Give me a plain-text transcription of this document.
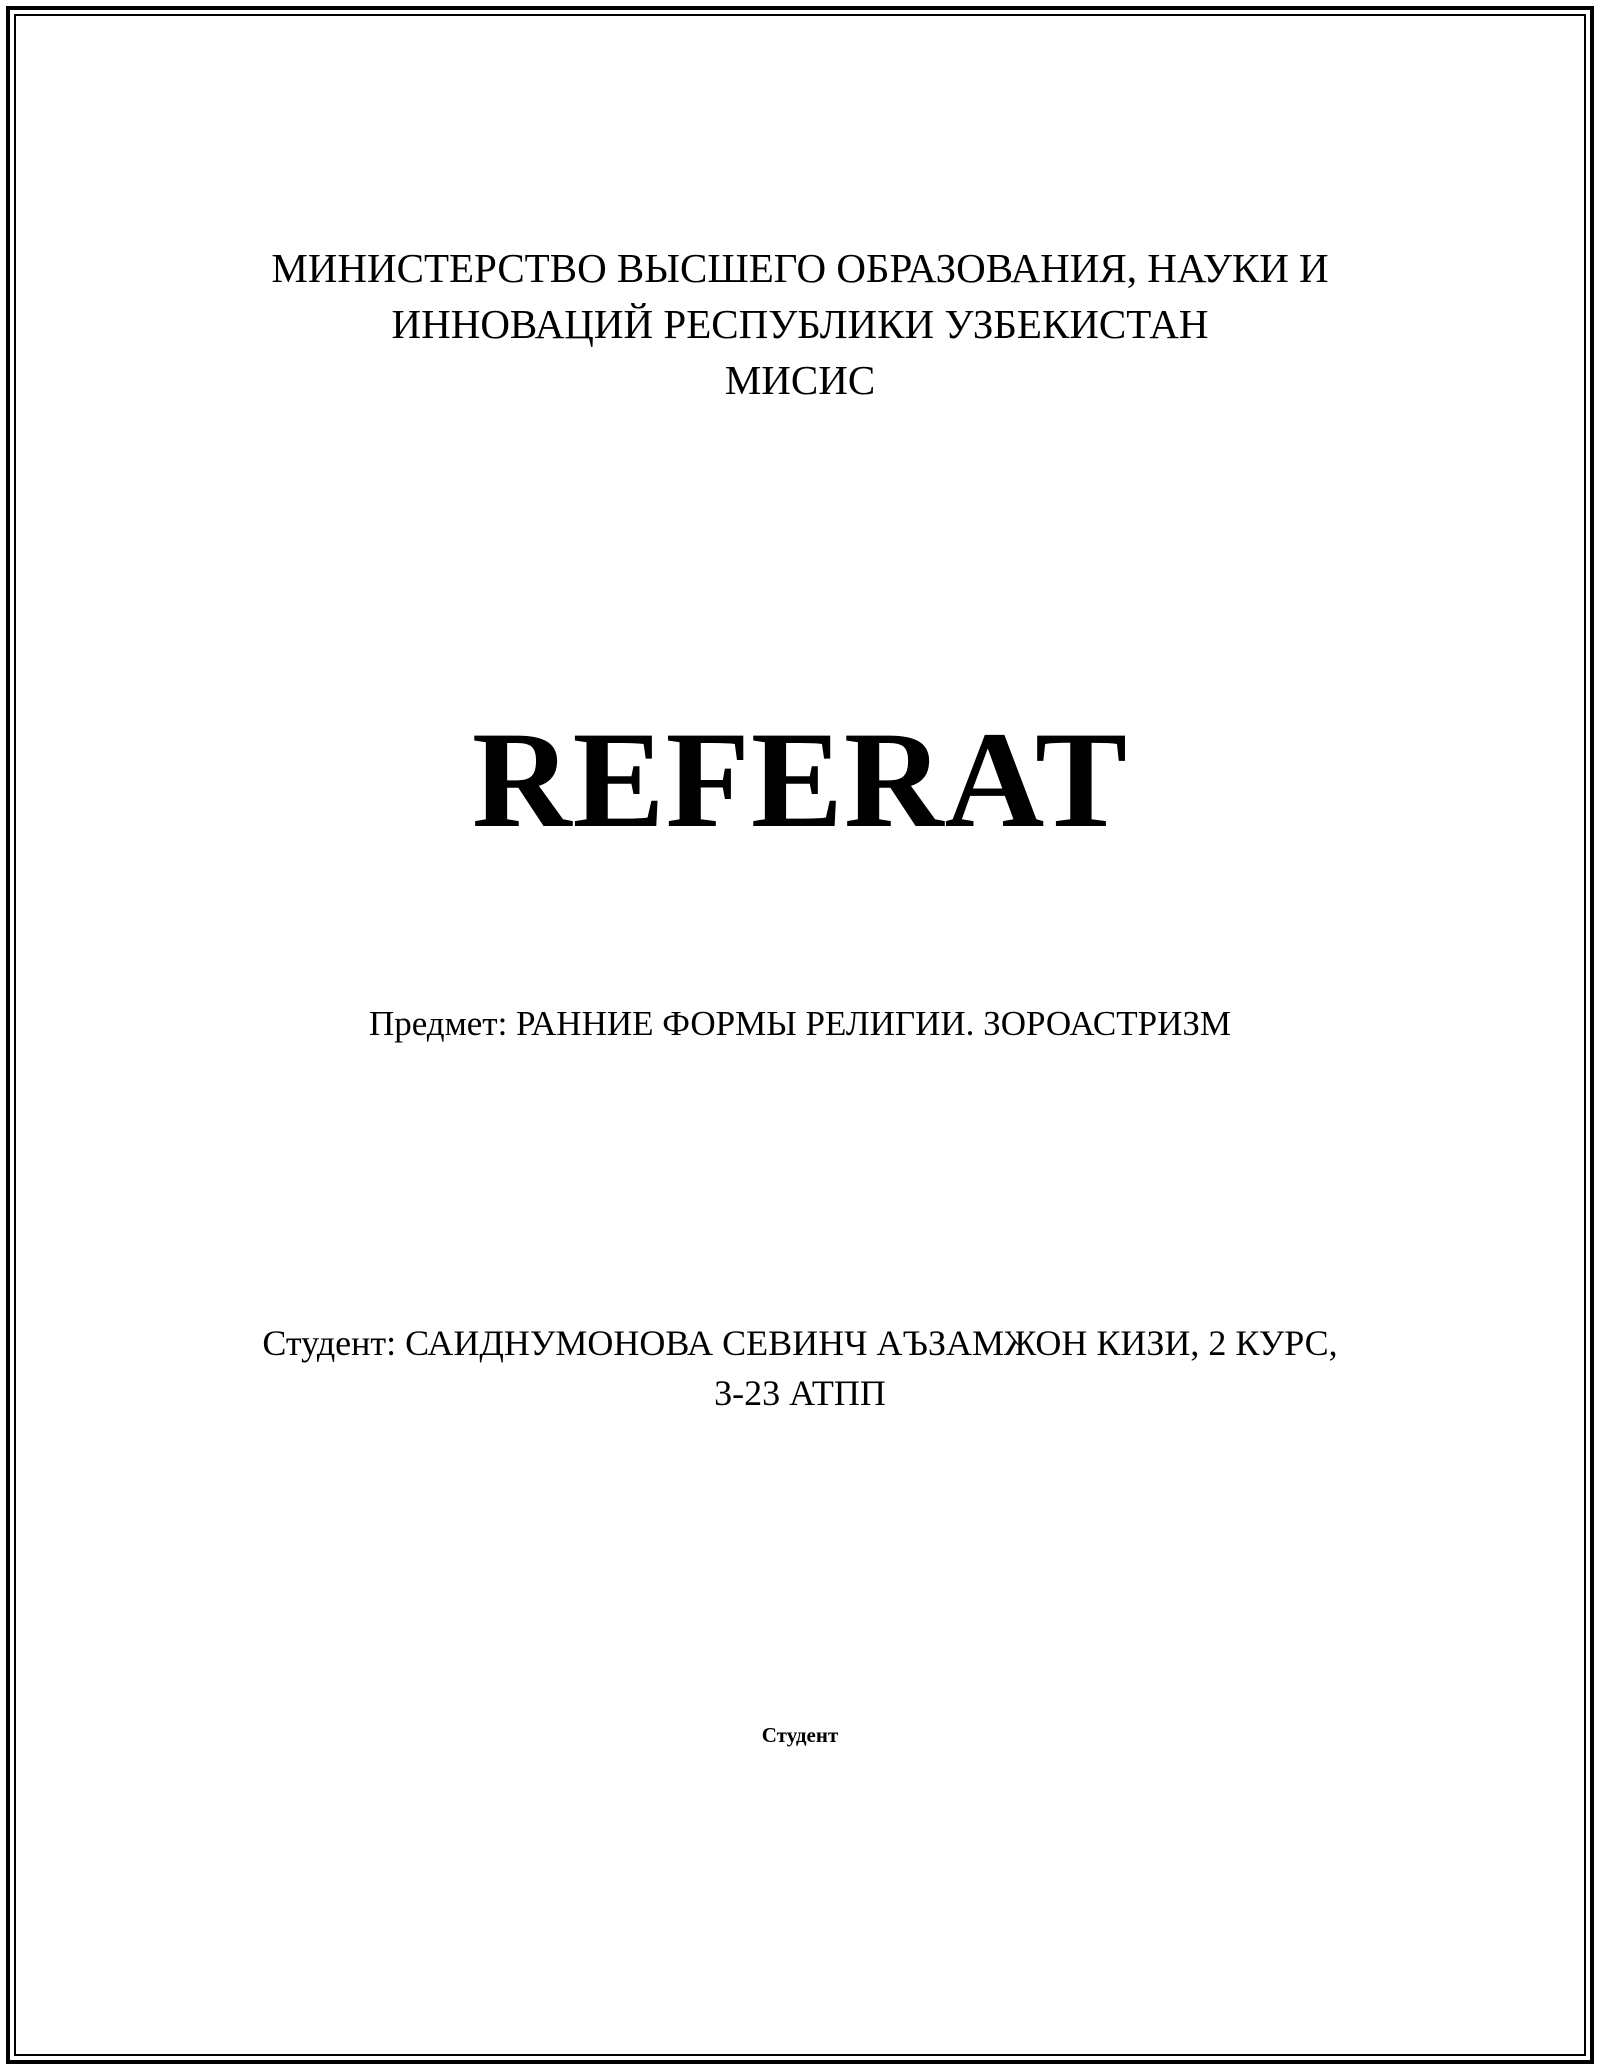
МИНИСТЕРСТВО ВЫСШЕГО ОБРАЗОВАНИЯ, НАУКИ И
ИННОВАЦИЙ РЕСПУБЛИКИ УЗБЕКИСТАН
МИСИС
REFERAT
Предмет: РАННИЕ ФОРМЫ РЕЛИГИИ. ЗОРОАСТРИЗМ
Студент: САИДНУМОНОВА СЕВИНЧ АЪЗАМЖОН КИЗИ, 2 КУРС,
3-23 АТПП
Студент
